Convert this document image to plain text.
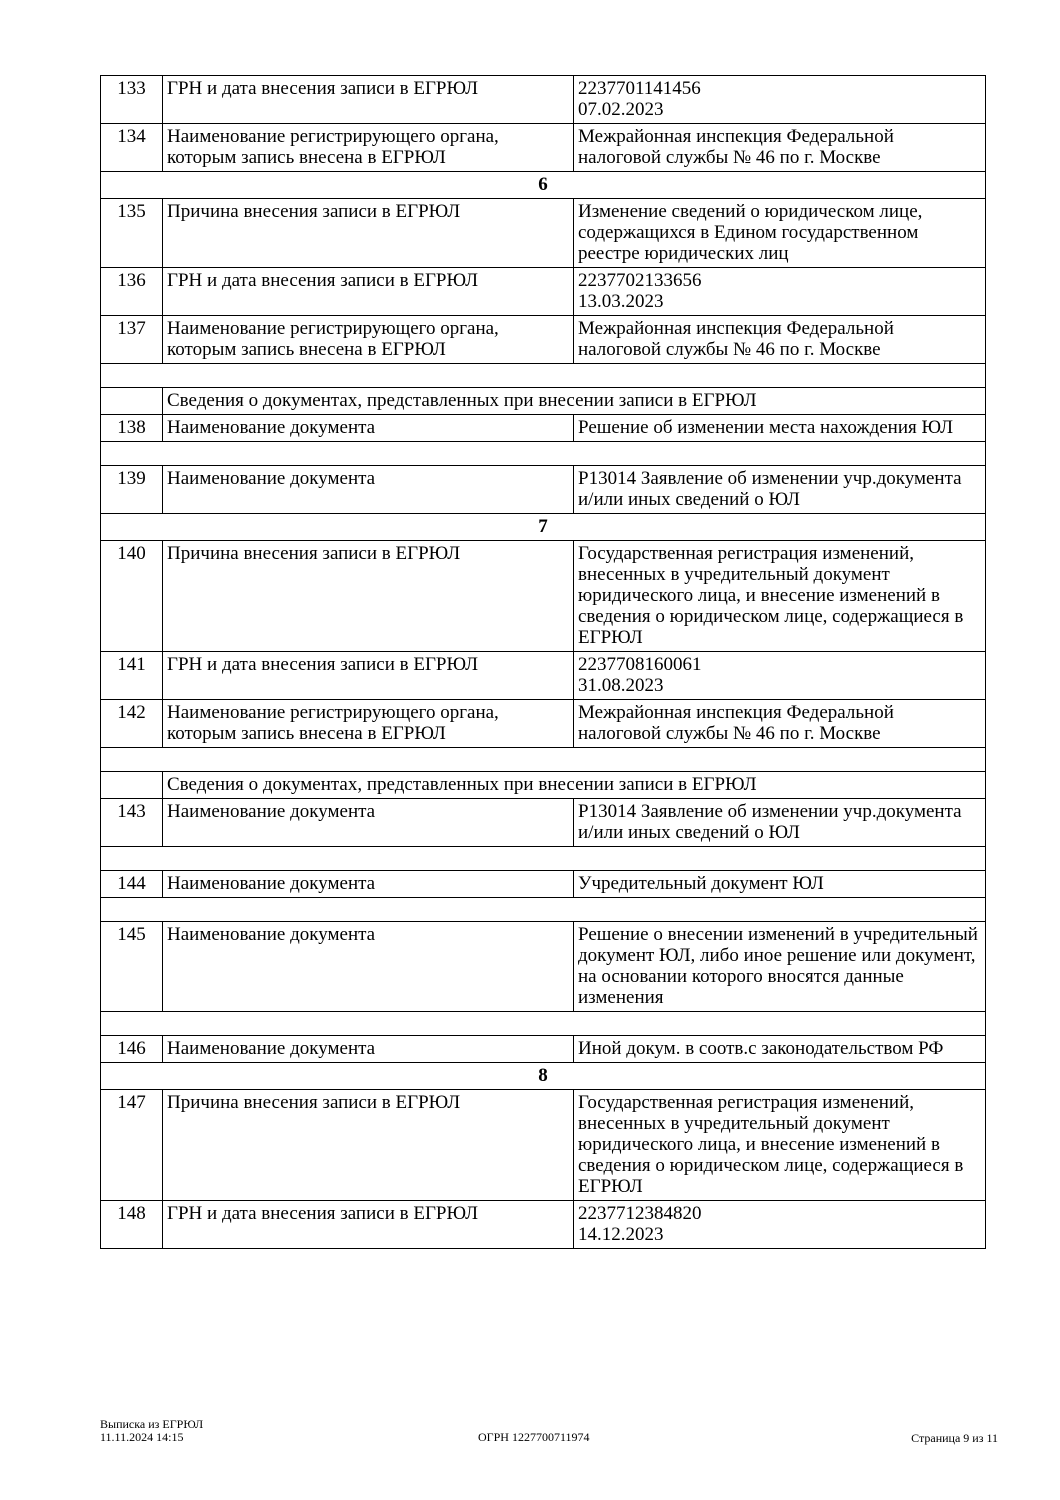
133	ГРН и дата внесения записи в ЕГРЮЛ	2237701141456
07.02.2023
134	Наименование регистрирующего органа, которым запись внесена в ЕГРЮЛ	Межрайонная инспекция Федеральной налоговой службы № 46 по г. Москве
6		
135	Причина внесения записи в ЕГРЮЛ	Изменение сведений о юридическом лице, содержащихся в Едином государственном реестре юридических лиц
136	ГРН и дата внесения записи в ЕГРЮЛ	2237702133656
13.03.2023
137	Наименование регистрирующего органа, которым запись внесена в ЕГРЮЛ	Межрайонная инспекция Федеральной налоговой службы № 46 по г. Москве

	Сведения о документах, представленных при внесении записи в ЕГРЮЛ	
138	Наименование документа	Решение об изменении места нахождения ЮЛ

139	Наименование документа	Р13014 Заявление об изменении учр.документа и/или иных сведений о ЮЛ
7		
140	Причина внесения записи в ЕГРЮЛ	Государственная регистрация изменений, внесенных в учредительный документ юридического лица, и внесение изменений в сведения о юридическом лице, содержащиеся в ЕГРЮЛ
141	ГРН и дата внесения записи в ЕГРЮЛ	2237708160061
31.08.2023
142	Наименование регистрирующего органа, которым запись внесена в ЕГРЮЛ	Межрайонная инспекция Федеральной налоговой службы № 46 по г. Москве

	Сведения о документах, представленных при внесении записи в ЕГРЮЛ	
143	Наименование документа	Р13014 Заявление об изменении учр.документа и/или иных сведений о ЮЛ

144	Наименование документа	Учредительный документ ЮЛ

145	Наименование документа	Решение о внесении изменений в учредительный документ ЮЛ, либо иное решение или документ, на основании которого вносятся данные изменения

146	Наименование документа	Иной докум. в соотв.с законодательством РФ
8		
147	Причина внесения записи в ЕГРЮЛ	Государственная регистрация изменений, внесенных в учредительный документ юридического лица, и внесение изменений в сведения о юридическом лице, содержащиеся в ЕГРЮЛ
148	ГРН и дата внесения записи в ЕГРЮЛ	2237712384820
14.12.2023
Выписка из ЕГРЮЛ
11.11.2024 14:15	ОГРН 1227700711974	Страница 9 из 11
